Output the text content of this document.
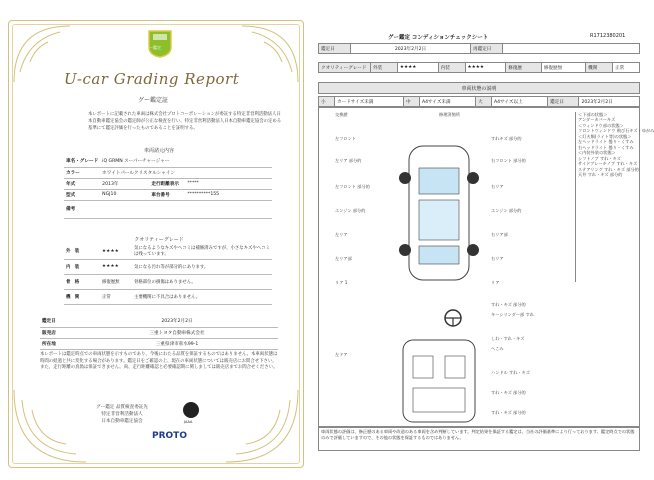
グー鑑定
U-car Grading Report
グー鑑定証
本レポートに記載された車両は株式会社プロトコーポレーションが委託する特定非営利活動法人日本自動車鑑定協会の鑑定師が公正な検査を行い、特定非営利活動法人日本自動車鑑定協会の定める基準にて鑑定評価を行ったものであることを証明する。
車両諸元内容
車名・グレード	iQ GRMN スーパーチャージャー		
カラー	ホワイトパールクリスタルシャイン		
年式	2013年	走行距離表示	*****
型式	NGJ10	車台番号	**********155
備考			
クオリティーグレード
外　装	★★★★	気になるようなキズやヘコミは補修済みですが、小さなキズやヘコミは残っています。
内　装	★★★★	気になる汚れ等が部分的にあります。
骨　格	修復歴無	骨格部位の損傷はありません。
機　関	正常	主要機関に不具合はありません。
鑑定日	2023年2月2日
販売店	三重トヨタ自動車株式会社
所在地	三重県津市垂水99-1
本レポートは鑑定時点での車両状態を示すものであり、今後にわたる品質を保証するものではありません。本車両状態は時間の経過と共に変化する場合があります。鑑定日をご確認の上、現在の車両状態については販売店にお問合せ下さい。また、走行距離の真偽は保証できません。尚、走行距離確認と必要確認期に関しましては販売店までお問合せください。
グー鑑定 品質検査委託先
特定非営利活動法人
日本自動車鑑定協会	JAAA
PROTO
グー鑑定 コンディションチェックシート	R1712380201
鑑定日	2023年2月2日	再鑑定日	
クオリティーグレード	外装	★★★★	内装	★★★★	修復歴	修復歴無	機関	正常
車両状態の説明
小	カードサイズ未満	中	A4サイズ未満	大	A4サイズ以上	鑑定日	2023年2月2日
交換歴
左フロント
左リア 部分的
左フロント 部分的
エンジン 部分的
左リア
左リア部
リア 1
左ドア
修理済箇所
すれキズ 部分的
右フロント 部分的
右リア
エンジン 部分的
右リア部
右リア
リア
＜下部の状態＞
アンダーカバーキズ
＜ウィンドウ部の状態＞
フロントウィンドウ 飛び石キズ・ゆがみ
＜灯火類(ライト等)の状態＞
左ヘッドライト 曇り・くすみ
右ヘッドライト 曇り・くすみ
＜内装外装の状態＞
シフトノブ すれ・キズ
サイドブレーキノブ すれ・キズ
ステアリング すれ・キズ 部分的
天井 すれ・キズ 部分的
すれ・キズ 部分的
キーシリンダー部 すれ
しわ・すれ・キズ
へこみ
ハンドル すれ・キズ
すれ・キズ 部分的
すれ・キズ 部分的
車両状態の評価は、修正歴のある車両や改造のある車両を含め判断しています。判定結果を保証する鑑定は、当社の評価基準により行っております。鑑定時点での状態のみで評価していますので、その他の状態を保証するものではありません。
